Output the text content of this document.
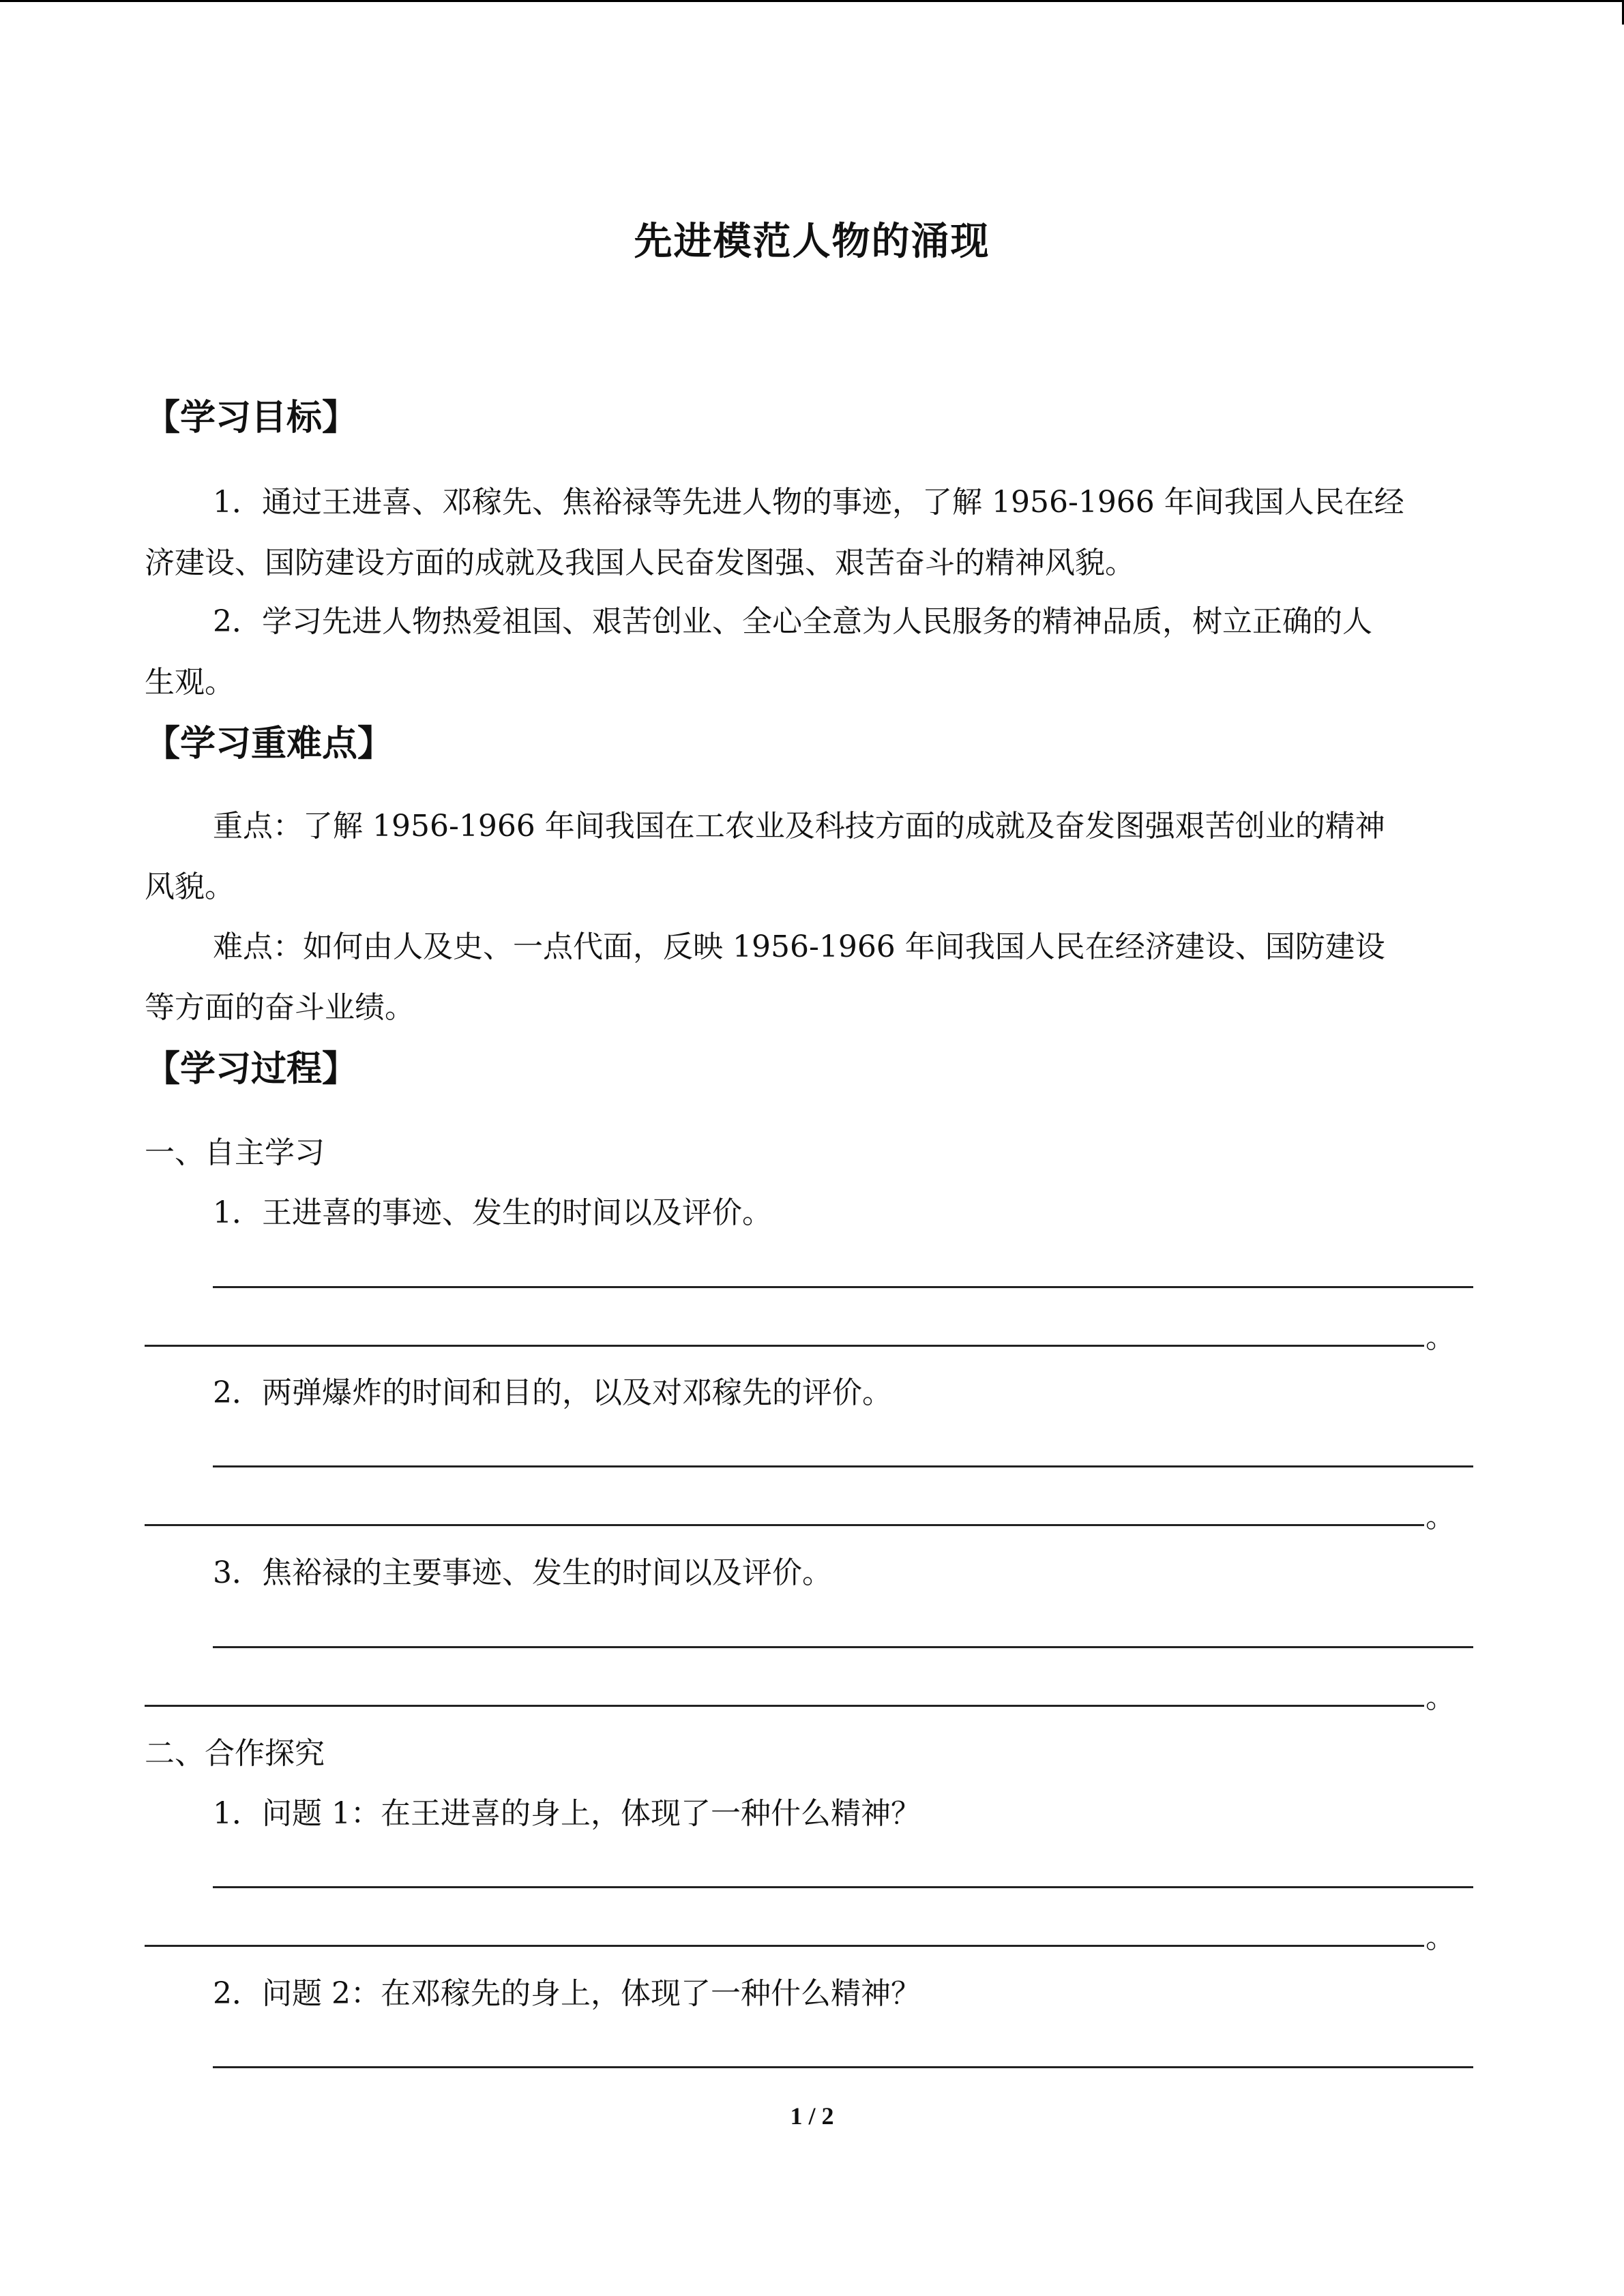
先进模范人物的涌现
【学习目标】
1．通过王进喜、邓稼先、焦裕禄等先进人物的事迹，了解 1956-1966 年间我国人民在经
济建设、国防建设方面的成就及我国人民奋发图强、艰苦奋斗的精神风貌。
2．学习先进人物热爱祖国、艰苦创业、全心全意为人民服务的精神品质，树立正确的人
生观。
【学习重难点】
重点：了解 1956-1966 年间我国在工农业及科技方面的成就及奋发图强艰苦创业的精神
风貌。
难点：如何由人及史、一点代面，反映 1956-1966 年间我国人民在经济建设、国防建设
等方面的奋斗业绩。
【学习过程】
一、自主学习
1．王进喜的事迹、发生的时间以及评价。
。
2．两弹爆炸的时间和目的，以及对邓稼先的评价。
。
3．焦裕禄的主要事迹、发生的时间以及评价。
。
二、合作探究
1．问题 1：在王进喜的身上，体现了一种什么精神？
。
2．问题 2：在邓稼先的身上，体现了一种什么精神？
1 / 2
